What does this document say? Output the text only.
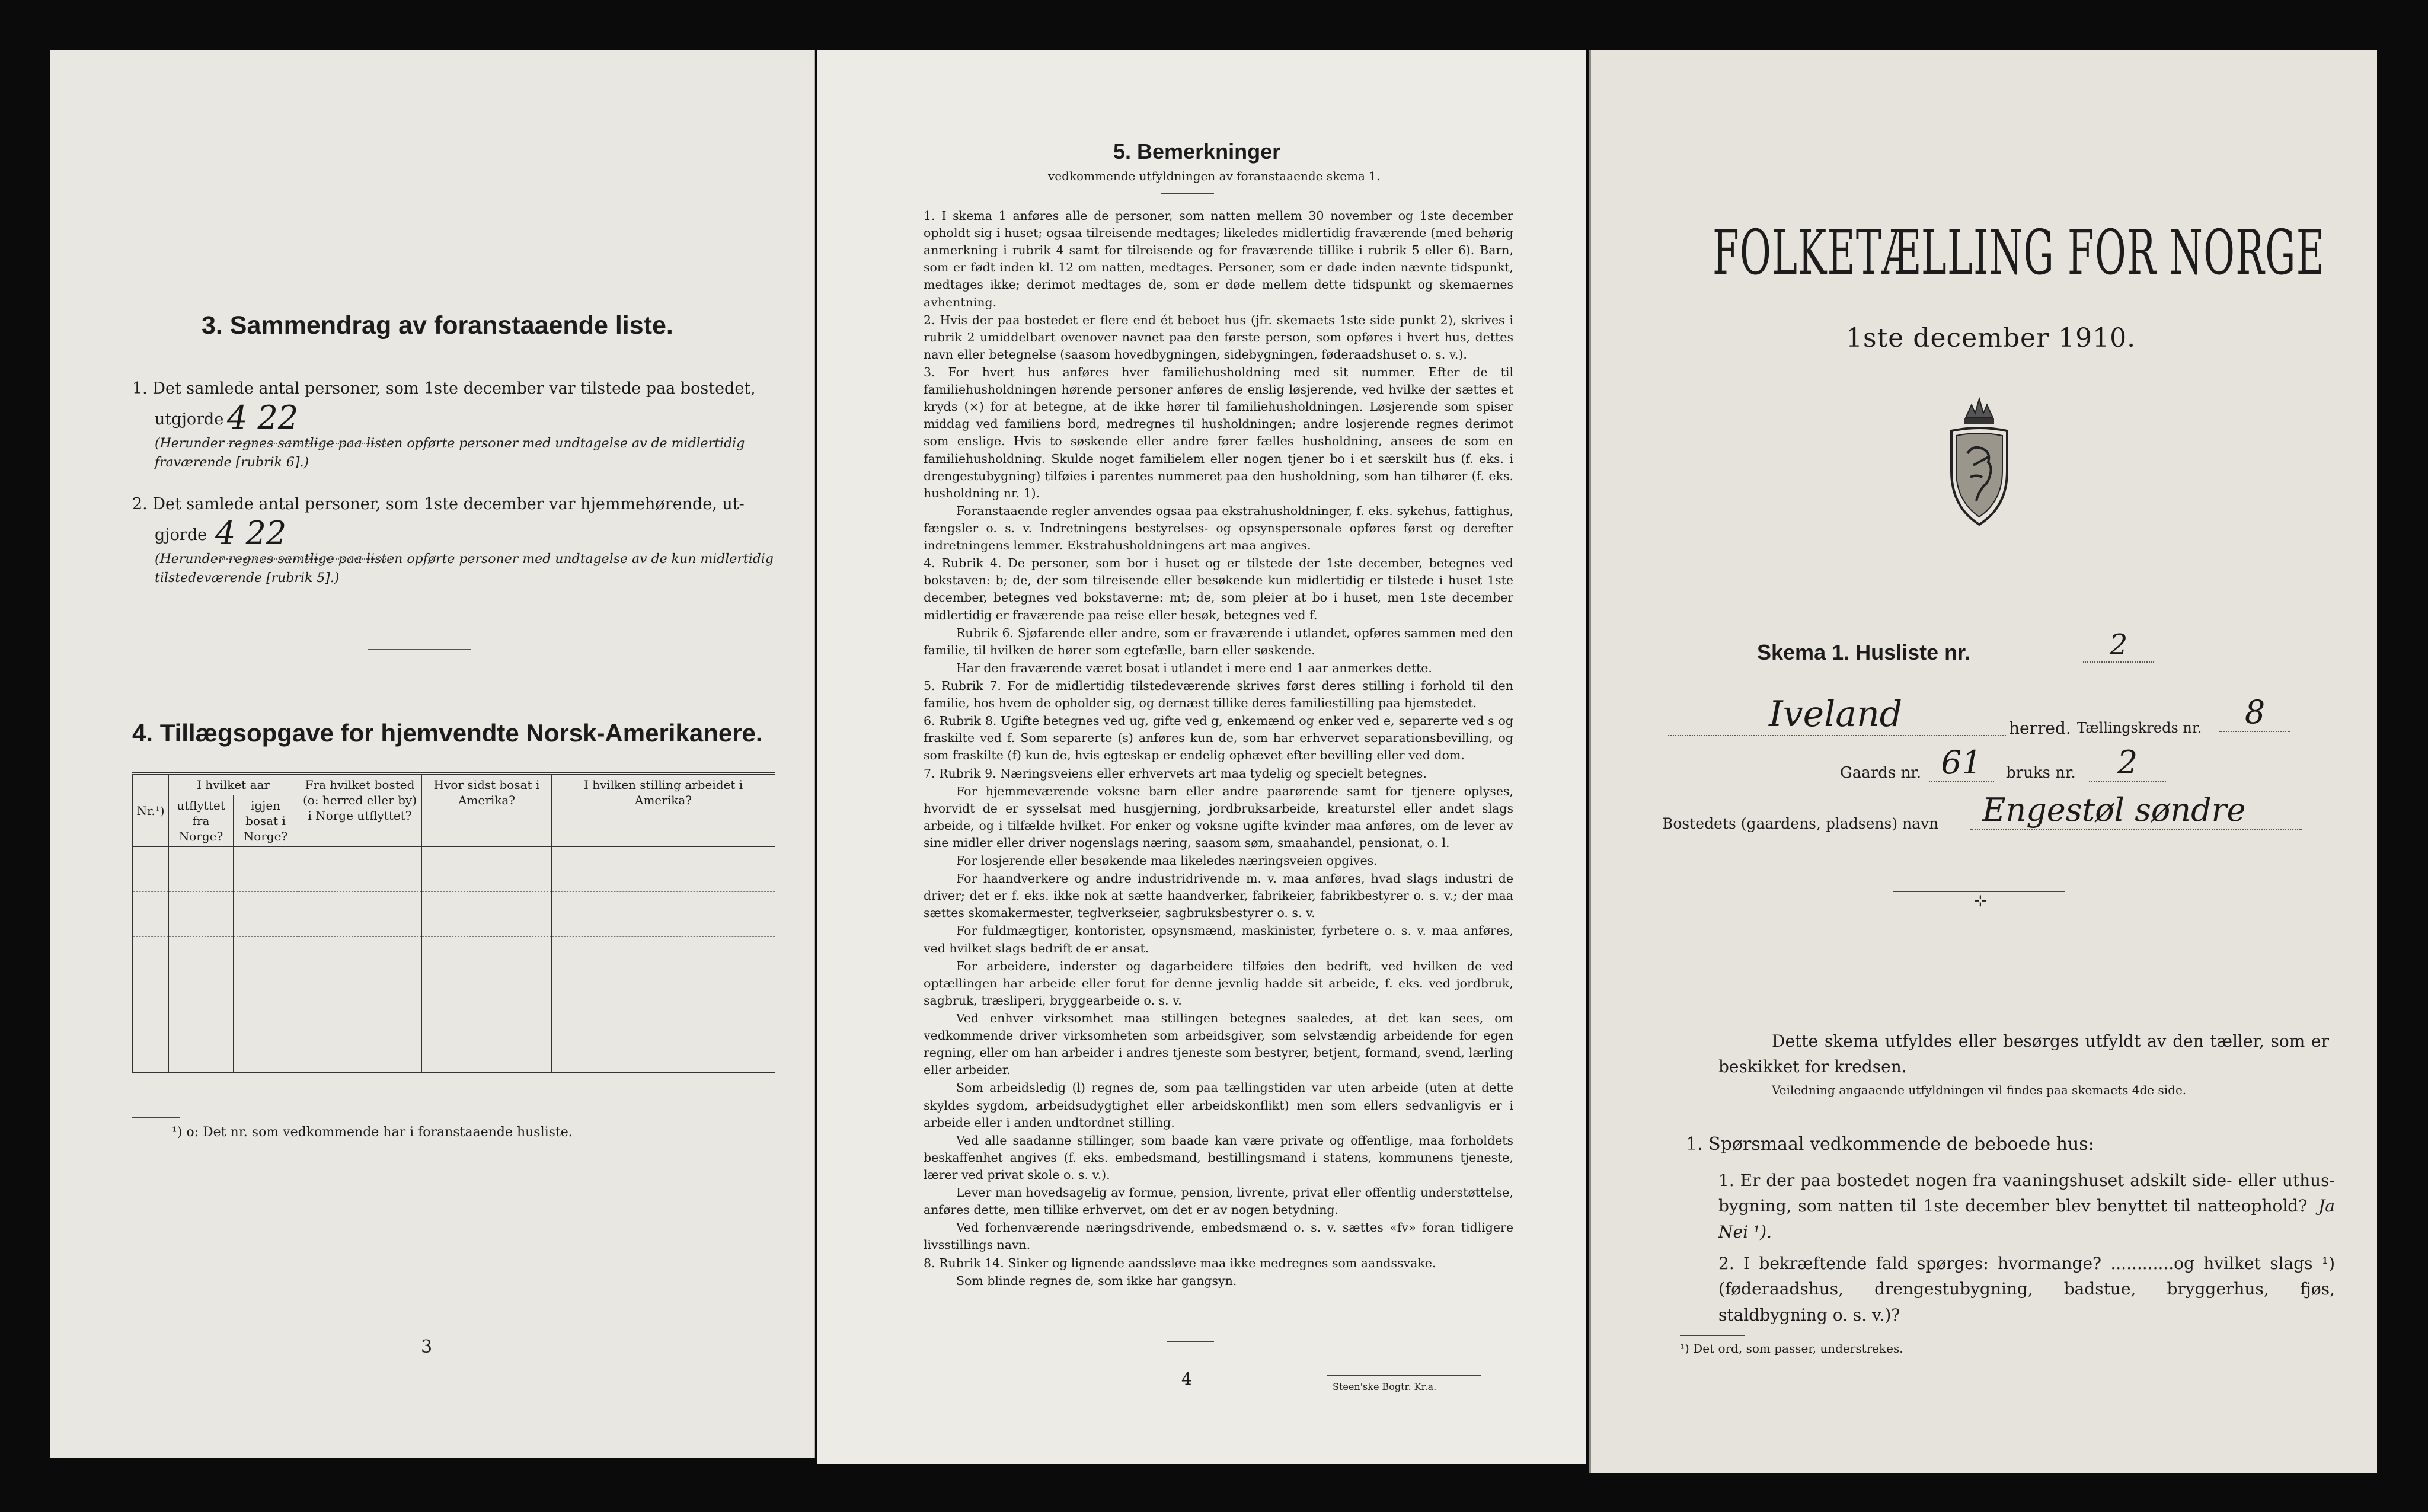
3. Sammendrag av foranstaaende liste.
1. Det samlede antal personer, som 1ste december var tilstede paa bostedet,
utgjorde 4 22
(Herunder regnes samtlige paa listen opførte personer med undtagelse av de midlertidig fraværende [rubrik 6].)
2. Det samlede antal personer, som 1ste december var hjemmehørende, ut-
gjorde 4 22
(Herunder regnes samtlige paa listen opførte personer med undtagelse av de kun midlertidig tilstedeværende [rubrik 5].)
4. Tillægsopgave for hjemvendte Norsk-Amerikanere.
Nr.¹)	I hvilket aar		Fra hvilket bosted (o: herred eller by) i Norge utflyttet?	Hvor sidst bosat i Amerika?	I hvilken stilling arbeidet i Amerika?
	utflyttet fra Norge?	igjen bosat i Norge?			

¹) o: Det nr. som vedkommende har i foranstaaende husliste.
3
5. Bemerkninger
vedkommende utfyldningen av foranstaaende skema 1.

1. I skema 1 anføres alle de personer, som natten mellem 30 november og 1ste december opholdt sig i huset; ogsaa tilreisende medtages; likeledes midlertidig fraværende (med behørig anmerkning i rubrik 4 samt for tilreisende og for fraværende tillike i rubrik 5 eller 6). Barn, som er født inden kl. 12 om natten, medtages. Personer, som er døde inden nævnte tidspunkt, medtages ikke; derimot medtages de, som er døde mellem dette tidspunkt og skemaernes avhentning.

2. Hvis der paa bostedet er flere end ét beboet hus (jfr. skemaets 1ste side punkt 2), skrives i rubrik 2 umiddelbart ovenover navnet paa den første person, som opføres i hvert hus, dettes navn eller betegnelse (saasom hovedbygningen, sidebygningen, føderaadshuset o. s. v.).

3. For hvert hus anføres hver familiehusholdning med sit nummer. Efter de til familiehusholdningen hørende personer anføres de enslig løsjerende, ved hvilke der sættes et kryds (×) for at betegne, at de ikke hører til familiehusholdningen. Løsjerende som spiser middag ved familiens bord, medregnes til husholdningen; andre losjerende regnes derimot som enslige. Hvis to søskende eller andre fører fælles husholdning, ansees de som en familiehusholdning. Skulde noget familielem eller nogen tjener bo i et særskilt hus (f. eks. i drengestubygning) tilføies i parentes nummeret paa den husholdning, som han tilhører (f. eks. husholdning nr. 1).

Foranstaaende regler anvendes ogsaa paa ekstrahusholdninger, f. eks. sykehus, fattighus, fængsler o. s. v. Indretningens bestyrelses- og opsynspersonale opføres først og derefter indretningens lemmer. Ekstrahusholdningens art maa angives.

4. Rubrik 4. De personer, som bor i huset og er tilstede der 1ste december, betegnes ved bokstaven: b; de, der som tilreisende eller besøkende kun midlertidig er tilstede i huset 1ste december, betegnes ved bokstaverne: mt; de, som pleier at bo i huset, men 1ste december midlertidig er fraværende paa reise eller besøk, betegnes ved f.

Rubrik 6. Sjøfarende eller andre, som er fraværende i utlandet, opføres sammen med den familie, til hvilken de hører som egtefælle, barn eller søskende.

Har den fraværende været bosat i utlandet i mere end 1 aar anmerkes dette.

5. Rubrik 7. For de midlertidig tilstedeværende skrives først deres stilling i forhold til den familie, hos hvem de opholder sig, og dernæst tillike deres familiestilling paa hjemstedet.

6. Rubrik 8. Ugifte betegnes ved ug, gifte ved g, enkemænd og enker ved e, separerte ved s og fraskilte ved f. Som separerte (s) anføres kun de, som har erhvervet separationsbevilling, og som fraskilte (f) kun de, hvis egteskap er endelig ophævet efter bevilling eller ved dom.

7. Rubrik 9. Næringsveiens eller erhvervets art maa tydelig og specielt betegnes.

For hjemmeværende voksne barn eller andre paarørende samt for tjenere oplyses, hvorvidt de er sysselsat med husgjerning, jordbruksarbeide, kreaturstel eller andet slags arbeide, og i tilfælde hvilket. For enker og voksne ugifte kvinder maa anføres, om de lever av sine midler eller driver nogenslags næring, saasom søm, smaahandel, pensionat, o. l.

For losjerende eller besøkende maa likeledes næringsveien opgives.

For haandverkere og andre industridrivende m. v. maa anføres, hvad slags industri de driver; det er f. eks. ikke nok at sætte haandverker, fabrikeier, fabrikbestyrer o. s. v.; der maa sættes skomakermester, teglverkseier, sagbruksbestyrer o. s. v.

For fuldmægtiger, kontorister, opsynsmænd, maskinister, fyrbetere o. s. v. maa anføres, ved hvilket slags bedrift de er ansat.

For arbeidere, inderster og dagarbeidere tilføies den bedrift, ved hvilken de ved optællingen har arbeide eller forut for denne jevnlig hadde sit arbeide, f. eks. ved jordbruk, sagbruk, træsliperi, bryggearbeide o. s. v.

Ved enhver virksomhet maa stillingen betegnes saaledes, at det kan sees, om vedkommende driver virksomheten som arbeidsgiver, som selvstændig arbeidende for egen regning, eller om han arbeider i andres tjeneste som bestyrer, betjent, formand, svend, lærling eller arbeider.

Som arbeidsledig (l) regnes de, som paa tællingstiden var uten arbeide (uten at dette skyldes sygdom, arbeidsudygtighet eller arbeidskonflikt) men som ellers sedvanligvis er i arbeide eller i anden undtordnet stilling.

Ved alle saadanne stillinger, som baade kan være private og offentlige, maa forholdets beskaffenhet angives (f. eks. embedsmand, bestillingsmand i statens, kommunens tjeneste, lærer ved privat skole o. s. v.).

Lever man hovedsagelig av formue, pension, livrente, privat eller offentlig understøttelse, anføres dette, men tillike erhvervet, om det er av nogen betydning.

Ved forhenværende næringsdrivende, embedsmænd o. s. v. sættes «fv» foran tidligere livsstillings navn.

8. Rubrik 14. Sinker og lignende aandssløve maa ikke medregnes som aandssvake.

Som blinde regnes de, som ikke har gangsyn.

4	Steen'ske Bogtr. Kr.a.
FOLKETÆLLING FOR NORGE
1ste december 1910.
Skema 1. Husliste nr.	2
Iveland	herred. Tællingskreds nr.	8
Gaards nr. 61	bruks nr.	2
Bostedets (gaardens, pladsens) navn	Engestøl søndre
⊹
Dette skema utfyldes eller besørges utfyldt av den tæller, som er beskikket for kredsen.
Veiledning angaaende utfyldningen vil findes paa skemaets 4de side.
1. Spørsmaal vedkommende de beboede hus:
1. Er der paa bostedet nogen fra vaaningshuset adskilt side- eller uthus-bygning, som natten til 1ste december blev benyttet til natteophold? Ja Nei ¹).
2. I bekræftende fald spørges: hvormange? ............og hvilket slags ¹) (føderaadshus, drengestubygning, badstue, bryggerhus, fjøs, staldbygning o. s. v.)?
¹) Det ord, som passer, understrekes.
